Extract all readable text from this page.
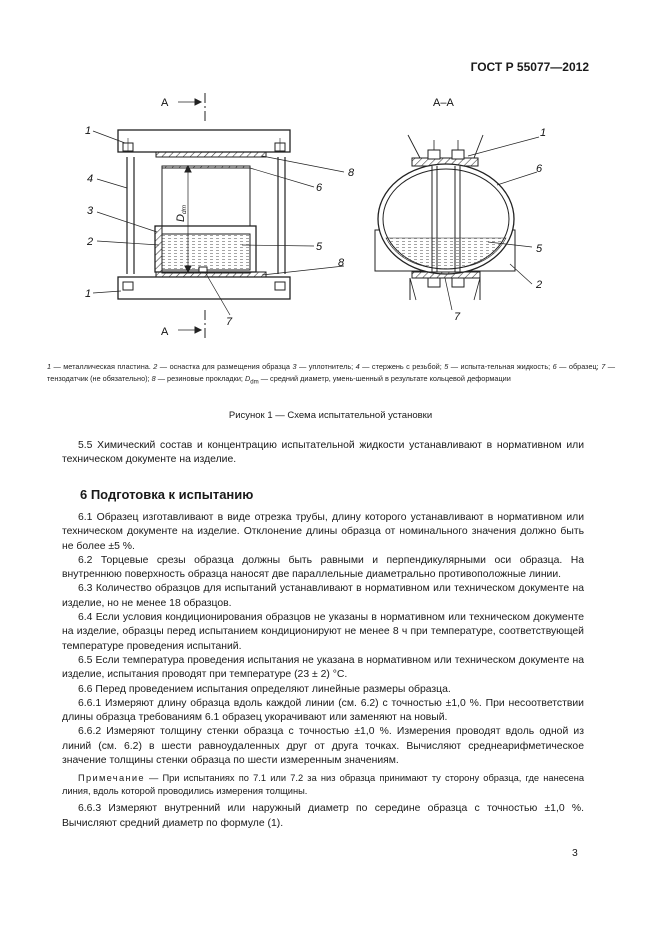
ГОСТ Р 55077—2012
А
А
А–А
1
4
3
2
1
8
6
5
8
7
1
6
5
2
7
Ddm
1 — металлическая пластина. 2 — оснастка для размещения образца 3 — уплотнитель; 4 — стержень с резьбой; 5 — испыта-тельная жидкость; 6 — образец; 7 — тензодатчик (не обязательно); 8 — резиновые прокладки; $D_{dm}$ — средний диаметр, умень-шенный в результате кольцевой деформации
Рисунок 1 — Схема испытательной установки

5.5 Химический состав и концентрацию испытательной жидкости устанавливают в нормативном или техническом документе на изделие.

6 Подготовка к испытанию

6.1 Образец изготавливают в виде отрезка трубы, длину которого устанавливают в нормативном или техническом документе на изделие. Отклонение длины образца от номинального значения должно быть не более ±5 %.

6.2 Торцевые срезы образца должны быть равными и перпендикулярными оси образца. На внутреннюю поверхность образца наносят две параллельные диаметрально противоположные линии.

6.3 Количество образцов для испытаний устанавливают в нормативном или техническом документе на изделие, но не менее 18 образцов.

6.4 Если условия кондиционирования образцов не указаны в нормативном или техническом документе на изделие, образцы перед испытанием кондиционируют не менее 8 ч при температуре, соответствующей температуре проведения испытаний.

6.5 Если температура проведения испытания не указана в нормативном или техническом документе на изделие, испытания проводят при температуре (23 ± 2) °С.

6.6 Перед проведением испытания определяют линейные размеры образца.

6.6.1 Измеряют длину образца вдоль каждой линии (см. 6.2) с точностью ±1,0 %. При несоответствии длины образца требованиям 6.1 образец укорачивают или заменяют на новый.

6.6.2 Измеряют толщину стенки образца с точностью ±1,0 %. Измерения проводят вдоль одной из линий (см. 6.2) в шести равноудаленных друг от друга точках. Вычисляют среднеарифметическое значение толщины стенки образца по шести измеренным значениям.

Примечание — При испытаниях по 7.1 или 7.2 за низ образца принимают ту сторону образца, где нанесена линия, вдоль которой проводились измерения толщины.

6.6.3 Измеряют внутренний или наружный диаметр по середине образца с точностью ±1,0 %. Вычисляют средний диаметр по формуле (1).

3
